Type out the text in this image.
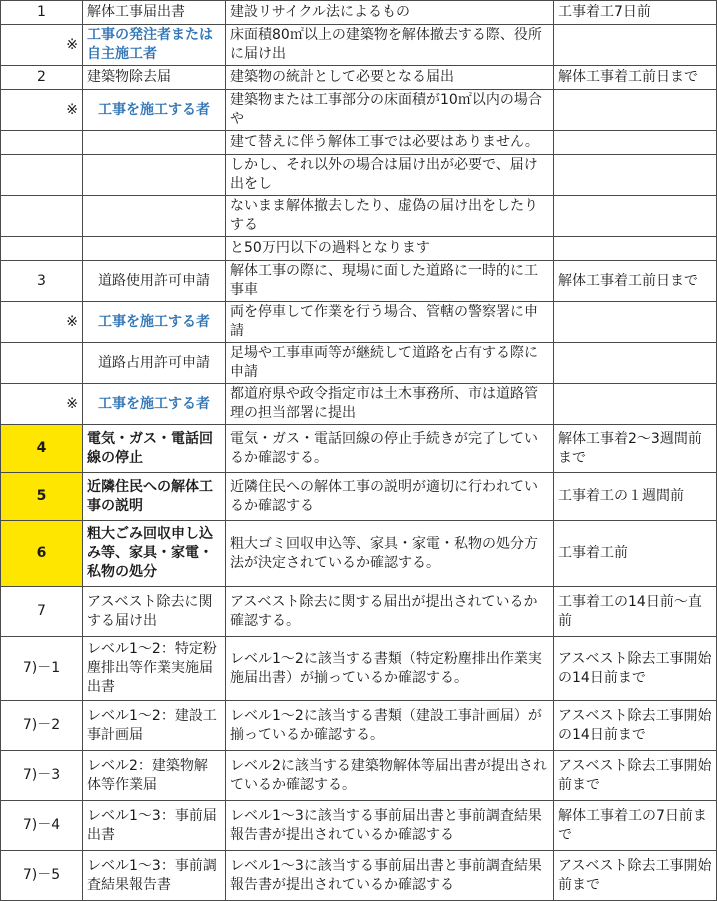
1	解体工事届出書	建設リサイクル法によるもの	工事着工7日前
※	工事の発注者または自主施工者	床面積80㎡以上の建築物を解体撤去する際、役所に届け出	
2	建築物除去届	建築物の統計として必要となる届出	解体工事着工前日まで
※	工事を施工する者	建築物または工事部分の床面積が10㎡以内の場合や	
		建て替えに伴う解体工事では必要はありません。	
		しかし、それ以外の場合は届け出が必要で、届け出をし	
		ないまま解体撤去したり、虚偽の届け出をしたりする	
		と50万円以下の過料となります	
3	道路使用許可申請	解体工事の際に、現場に面した道路に一時的に工事車	解体工事着工前日まで
※	工事を施工する者	両を停車して作業を行う場合、管轄の警察署に申請	
	道路占用許可申請	足場や工事車両等が継続して道路を占有する際に申請	
※	工事を施工する者	都道府県や政令指定市は土木事務所、市は道路管理の担当部署に提出	
4	電気・ガス・電話回線の停止	電気・ガス・電話回線の停止手続きが完了しているか確認する。	解体工事着2～3週間前まで
5	近隣住民への解体工事の説明	近隣住民への解体工事の説明が適切に行われているか確認する	工事着工の１週間前
6	粗大ごみ回収申し込み等、家具・家電・私物の処分	粗大ゴミ回収申込等、家具・家電・私物の処分方法が決定されているか確認する。	工事着工前
7	アスベスト除去に関する届け出	アスベスト除去に関する届出が提出されているか確認する。	工事着工の14日前～直前
7)－1	レベル1～2：特定粉塵排出等作業実施届出書	レベル1～2に該当する書類（特定粉塵排出作業実施届出書）が揃っているか確認する。	アスベスト除去工事開始の14日前まで
7)－2	レベル1～2：建設工事計画届	レベル1～2に該当する書類（建設工事計画届）が揃っているか確認する。	アスベスト除去工事開始の14日前まで
7)－3	レベル2：建築物解体等作業届	レベル2に該当する建築物解体等届出書が提出されているか確認する。	アスベスト除去工事開始前まで
7)－4	レベル1～3：事前届出書	レベル1～3に該当する事前届出書と事前調査結果報告書が提出されているか確認する	解体工事着工の7日前まで
7)－5	レベル1～3：事前調査結果報告書	レベル1～3に該当する事前届出書と事前調査結果報告書が提出されているか確認する	アスベスト除去工事開始前まで
